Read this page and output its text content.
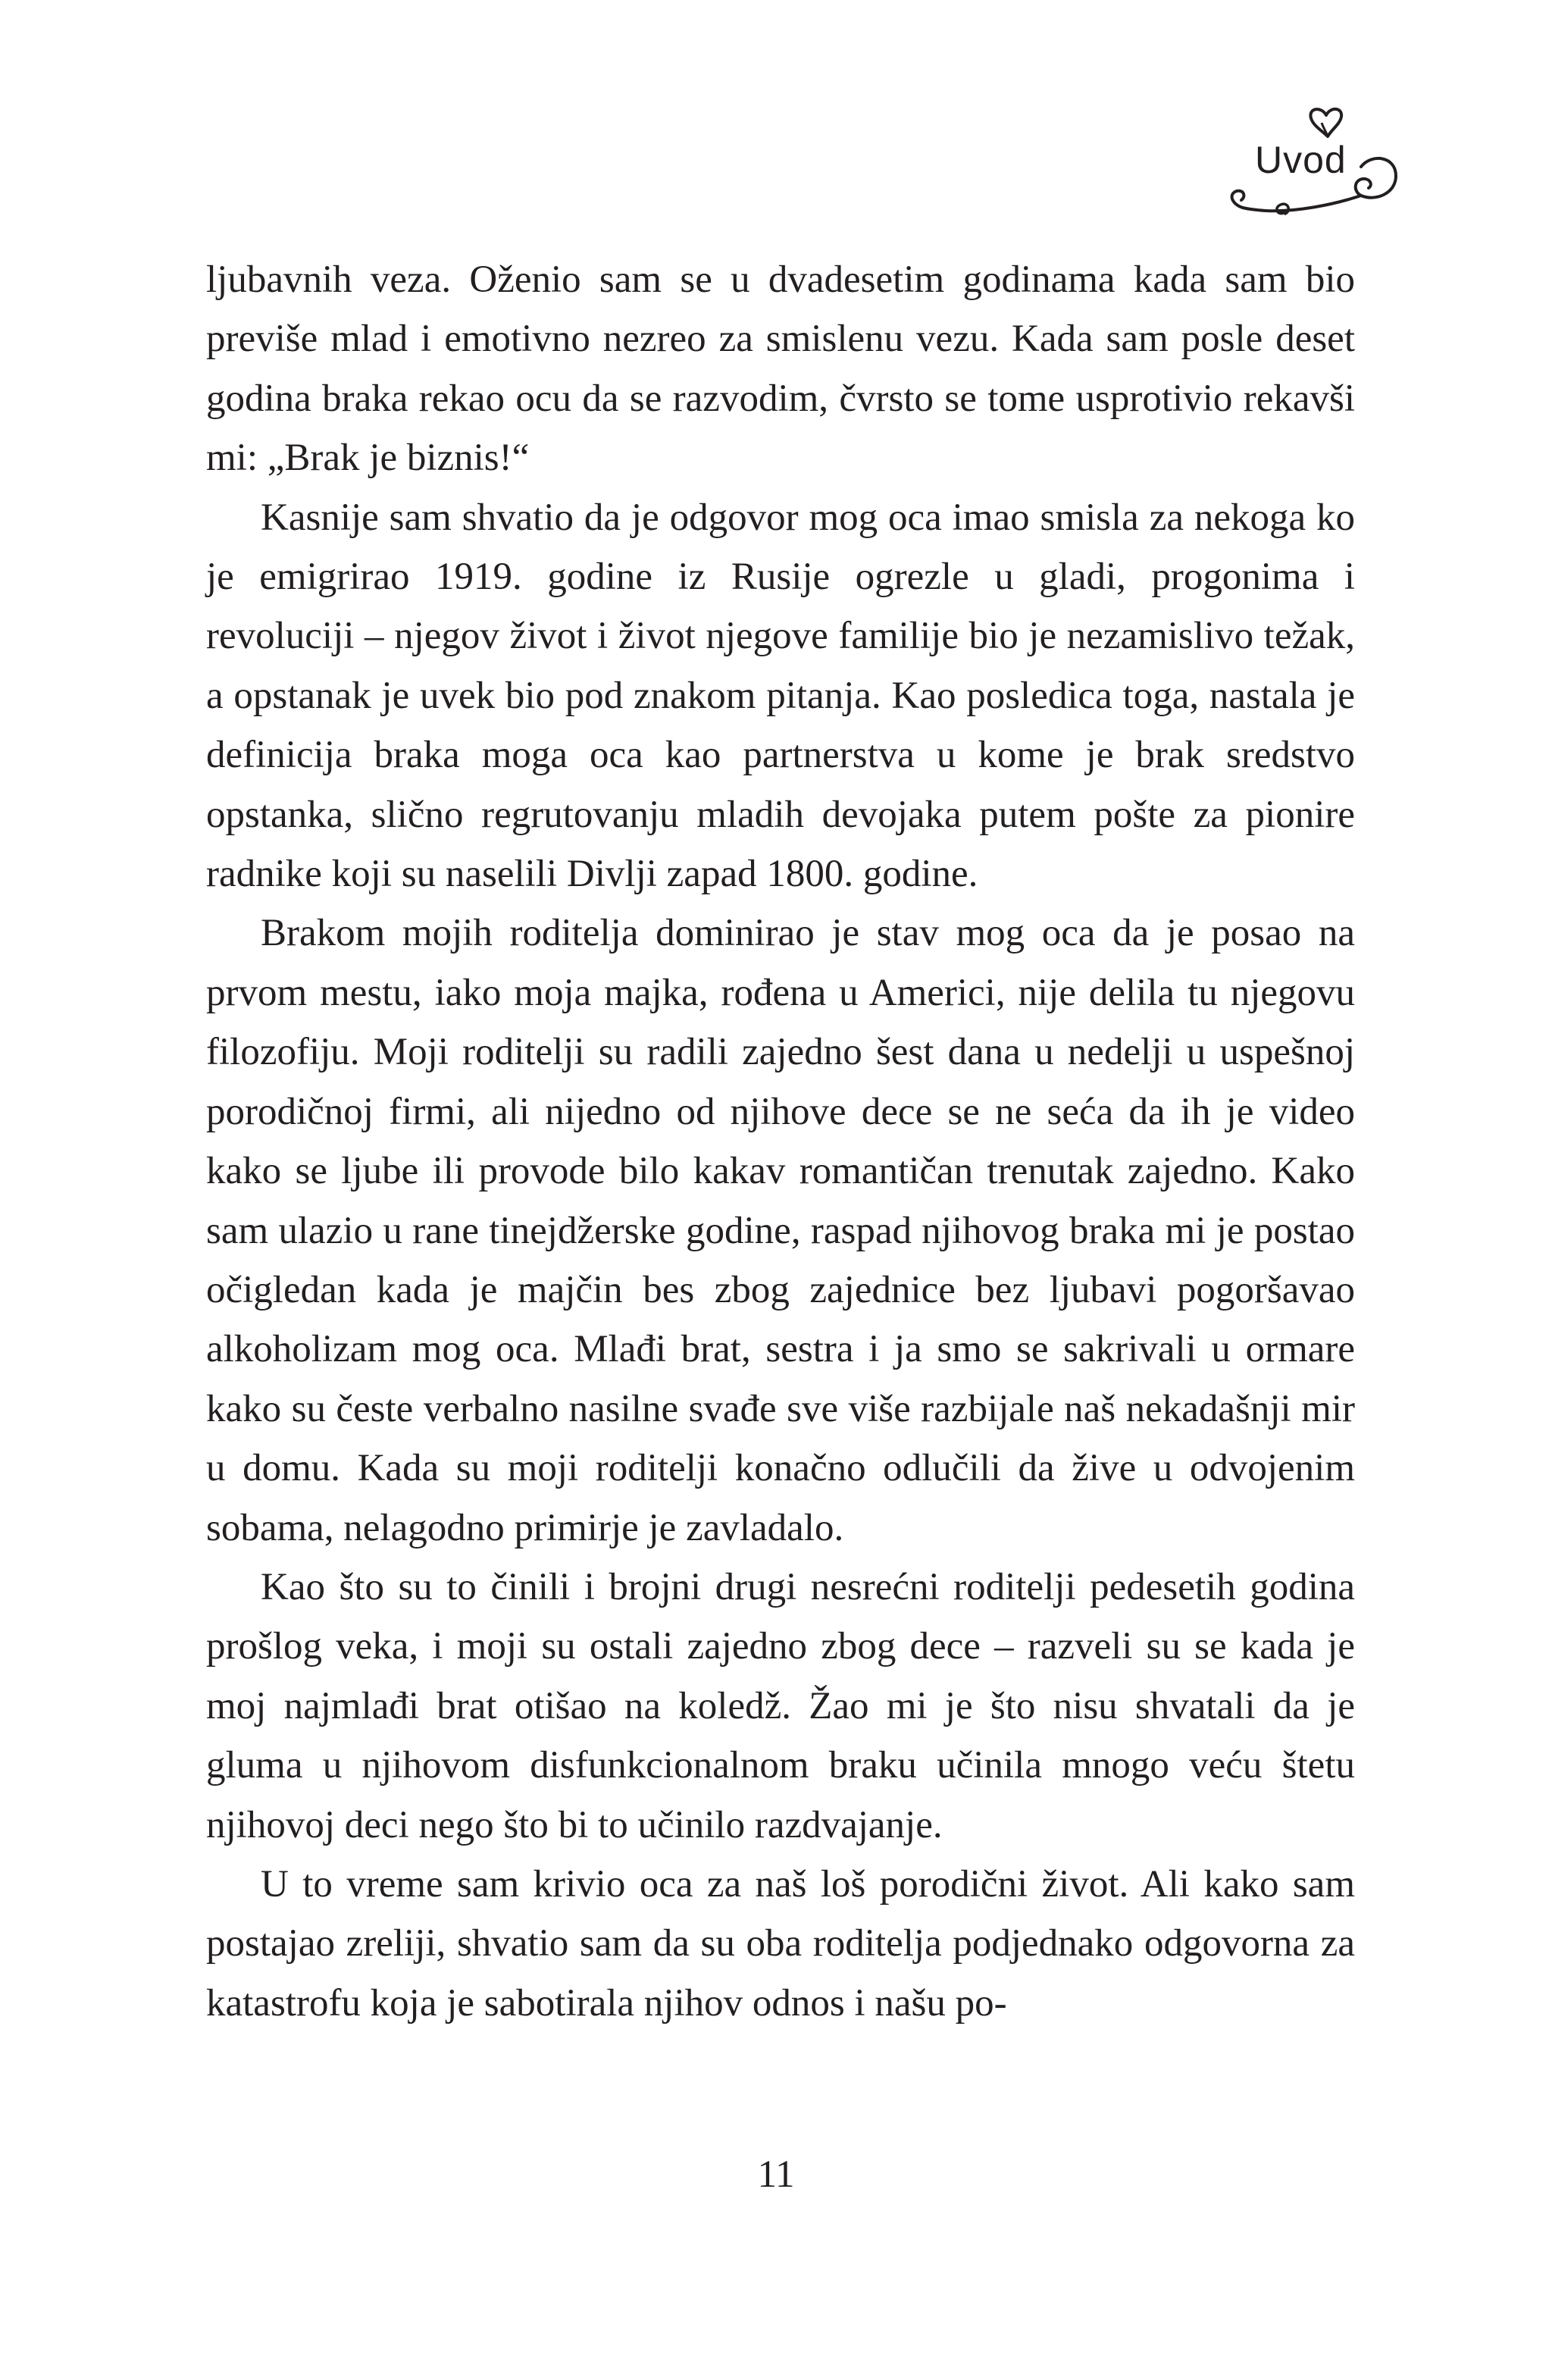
Uvod

ljubavnih veza. Oženio sam se u dvadesetim godinama kada sam bio previše mlad i emotivno nezreo za smislenu vezu. Kada sam posle deset godina braka rekao ocu da se razvodim, čvrsto se tome usprotivio rekavši mi: „Brak je biznis!“

Kasnije sam shvatio da je odgovor mog oca imao smisla za nekoga ko je emigrirao 1919. godine iz Rusije ogrezle u gladi, progonima i revoluciji – njegov život i život njegove familije bio je nezamislivo težak, a opstanak je uvek bio pod znakom pitanja. Kao posledica toga, nastala je definicija braka moga oca kao partnerstva u kome je brak sredstvo opstanka, slično regrutovanju mladih devojaka putem pošte za pionire radnike koji su naselili Divlji zapad 1800. godine.

Brakom mojih roditelja dominirao je stav mog oca da je posao na prvom mestu, iako moja majka, rođena u Americi, nije delila tu njegovu filozofiju. Moji roditelji su radili zajedno šest dana u nedelji u uspešnoj porodičnoj firmi, ali nijedno od njihove dece se ne seća da ih je video kako se ljube ili provode bilo kakav romantičan trenutak zajedno. Kako sam ulazio u rane tinejdžerske godine, raspad njihovog braka mi je postao očigledan kada je majčin bes zbog zajednice bez ljubavi pogoršavao alkoholizam mog oca. Mlađi brat, sestra i ja smo se sakrivali u ormare kako su česte verbalno nasilne svađe sve više razbijale naš nekadašnji mir u domu. Kada su moji roditelji konačno odlučili da žive u odvojenim sobama, nelagodno primirje je zavladalo.

Kao što su to činili i brojni drugi nesrećni roditelji pedesetih godina prošlog veka, i moji su ostali zajedno zbog dece – razveli su se kada je moj najmlađi brat otišao na koledž. Žao mi je što nisu shvatali da je gluma u njihovom disfunkcionalnom braku učinila mnogo veću štetu njihovoj deci nego što bi to učinilo razdvajanje.

U to vreme sam krivio oca za naš loš porodični život. Ali kako sam postajao zreliji, shvatio sam da su oba roditelja podjednako odgovorna za katastrofu koja je sabotirala njihov odnos i našu po-

11
